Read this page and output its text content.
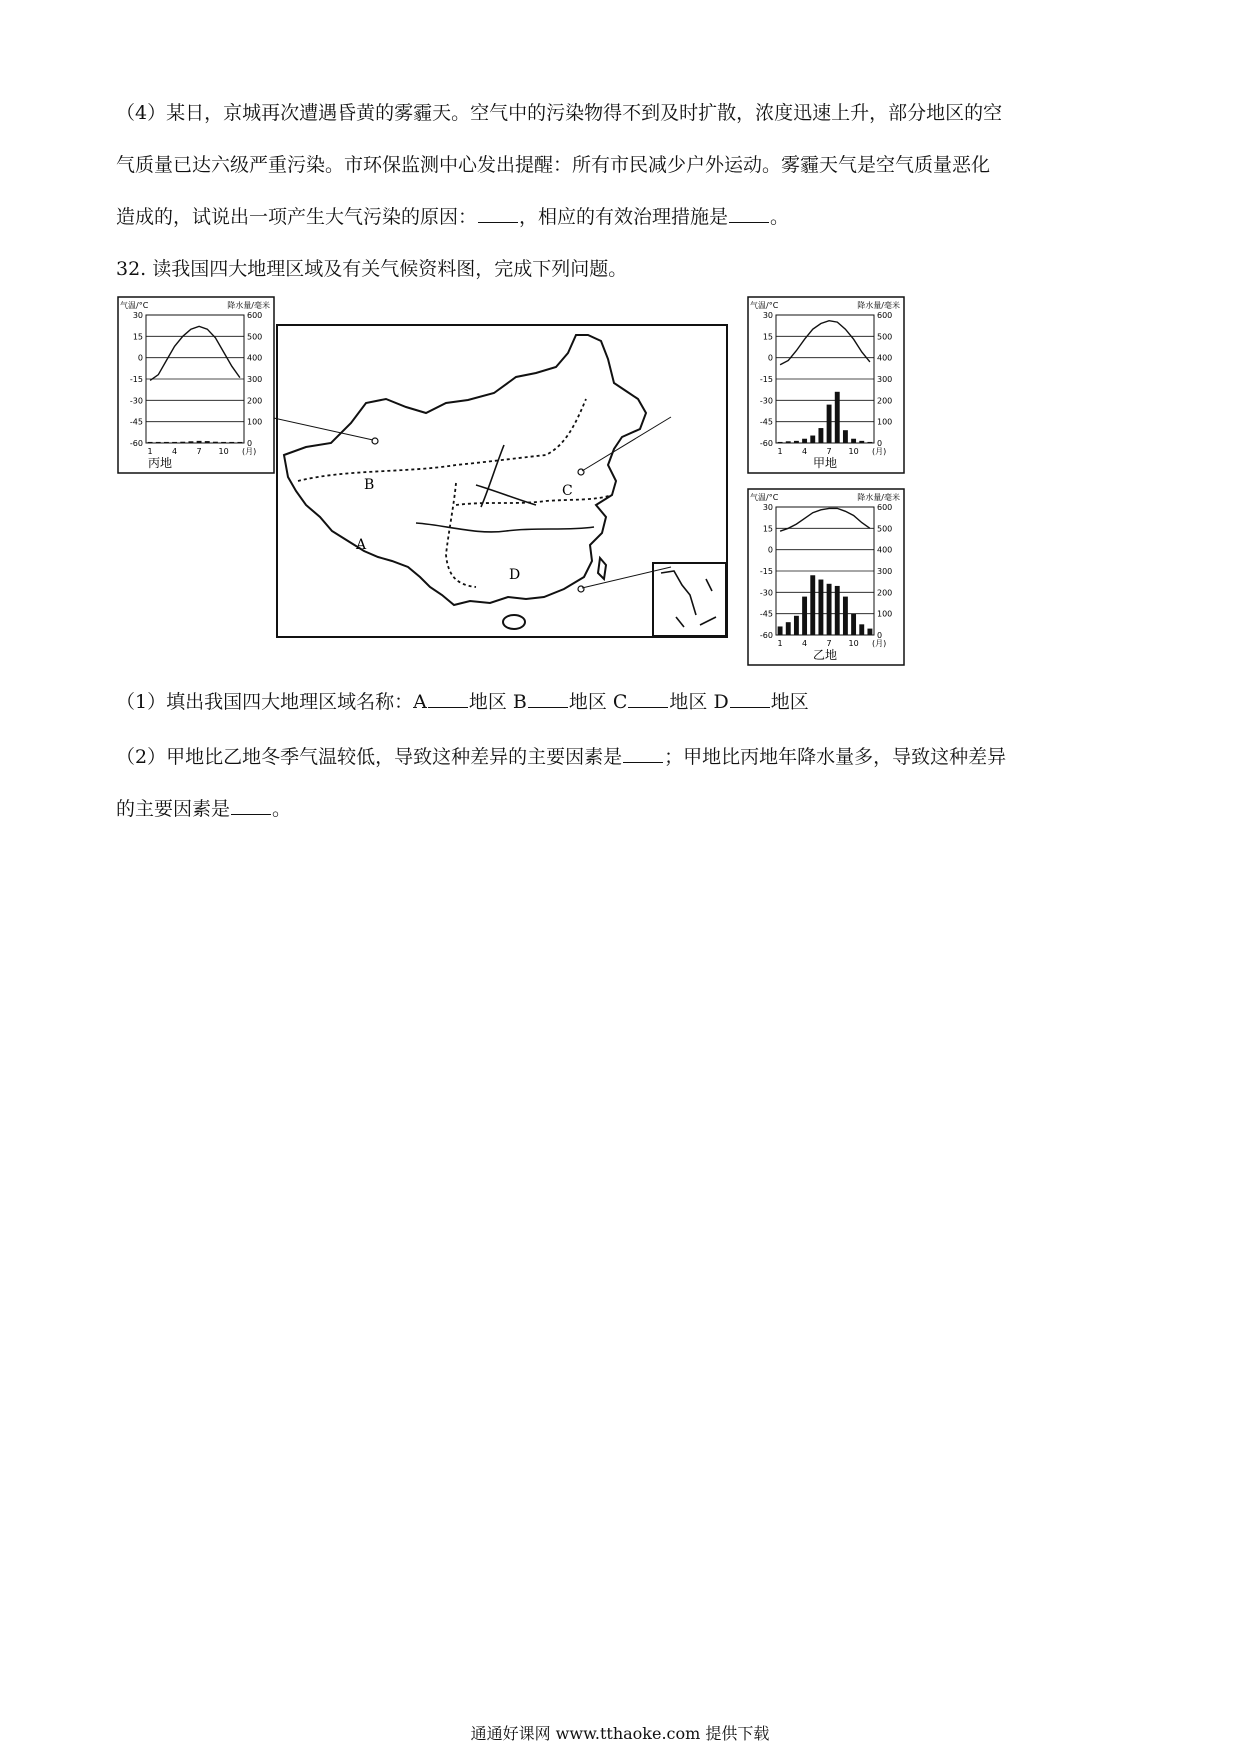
（4）某日，京城再次遭遇昏黄的雾霾天。空气中的污染物得不到及时扩散，浓度迅速上升，部分地区的空
气质量已达六级严重污染。市环保监测中心发出提醒：所有市民减少户外运动。雾霾天气是空气质量恶化
造成的，试说出一项产生大气污染的原因： ，相应的有效治理措施是 。
32. 读我国四大地理区域及有关气候资料图，完成下列问题。
B
A
C
D
气温/°C	降水量/毫米
30	600
15	500
0	400
-15	300
-30	200
-45	100
-60	0
1 4 7 10 (月)
丙地
气温/°C	降水量/毫米
30	600
15	500
0	400
-15	300
-30	200
-45	100
-60	0
1 4 7 10 (月)
甲地
气温/°C	降水量/毫米
30	600
15	500
0	400
-15	300
-30	200
-45	100
-60	0
1 4 7 10 (月)
乙地
（1）填出我国四大地理区域名称：A 地区 B 地区 C 地区 D 地区
（2）甲地比乙地冬季气温较低，导致这种差异的主要因素是 ；甲地比丙地年降水量多，导致这种差异
的主要因素是 。
通通好课网 www.tthaoke.com 提供下载
